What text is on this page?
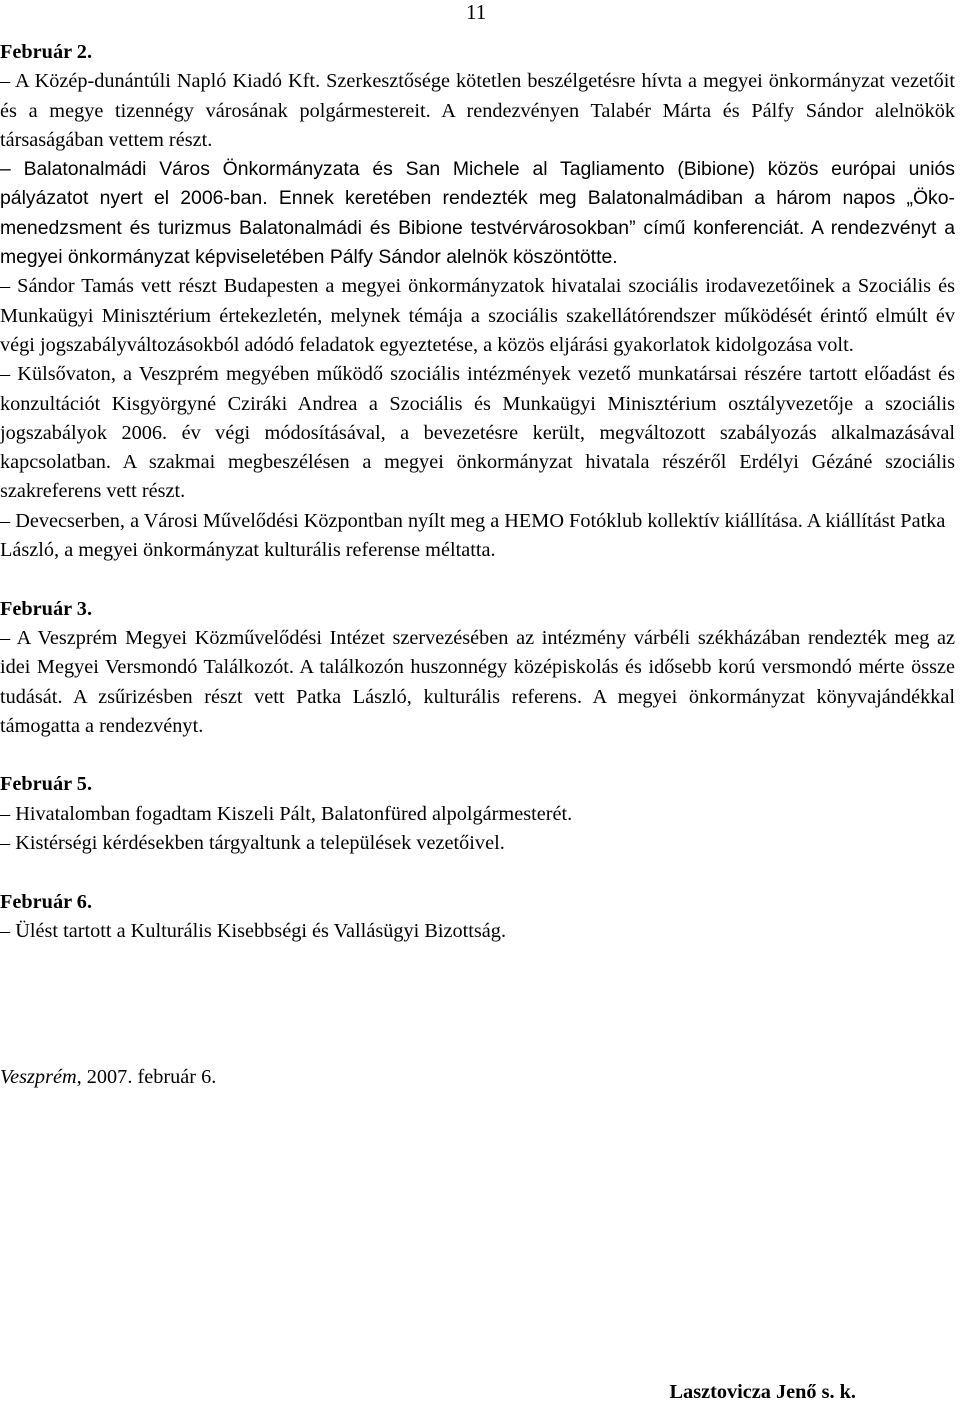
11

Február 2.

– A Közép-dunántúli Napló Kiadó Kft. Szerkesztősége kötetlen beszélgetésre hívta a megyei önkormányzat vezetőit és a megye tizennégy városának polgármestereit. A rendezvényen Talabér Márta és Pálfy Sándor alelnökök társaságában vettem részt.

– Balatonalmádi Város Önkormányzata és San Michele al Tagliamento (Bibione) közös európai uniós pályázatot nyert el 2006-ban. Ennek keretében rendezték meg Balatonalmádiban a három napos „Öko-menedzsment és turizmus Balatonalmádi és Bibione testvérvárosokban” című konferenciát. A rendezvényt a megyei önkormányzat képviseletében Pálfy Sándor alelnök köszöntötte.

– Sándor Tamás vett részt Budapesten a megyei önkormányzatok hivatalai szociális irodavezetőinek a Szociális és Munkaügyi Minisztérium értekezletén, melynek témája a szociális szakellátórendszer működését érintő elmúlt év végi jogszabályváltozásokból adódó feladatok egyeztetése, a közös eljárási gyakorlatok kidolgozása volt.

– Külsővaton, a Veszprém megyében működő szociális intézmények vezető munkatársai részére tartott előadást és konzultációt Kisgyörgyné Cziráki Andrea a Szociális és Munkaügyi Minisztérium osztályvezetője a szociális jogszabályok 2006. év végi módosításával, a bevezetésre került, megváltozott szabályozás alkalmazásával kapcsolatban. A szakmai megbeszélésen a megyei önkormányzat hivatala részéről Erdélyi Gézáné szociális szakreferens vett részt.

– Devecserben, a Városi Művelődési Központban nyílt meg a HEMO Fotóklub kollektív kiállítása. A kiállítást Patka László, a megyei önkormányzat kulturális referense méltatta.

Február 3.

– A Veszprém Megyei Közművelődési Intézet szervezésében az intézmény várbéli székházában rendezték meg az idei Megyei Versmondó Találkozót. A találkozón huszonnégy középiskolás és idősebb korú versmondó mérte össze tudását. A zsűrizésben részt vett Patka László, kulturális referens. A megyei önkormányzat könyvajándékkal támogatta a rendezvényt.

Február 5.

– Hivatalomban fogadtam Kiszeli Pált, Balatonfüred alpolgármesterét.

– Kistérségi kérdésekben tárgyaltunk a települések vezetőivel.

Február 6.

– Ülést tartott a Kulturális Kisebbségi és Vallásügyi Bizottság.

Veszprém, 2007. február 6.

Lasztovicza Jenő s. k.
